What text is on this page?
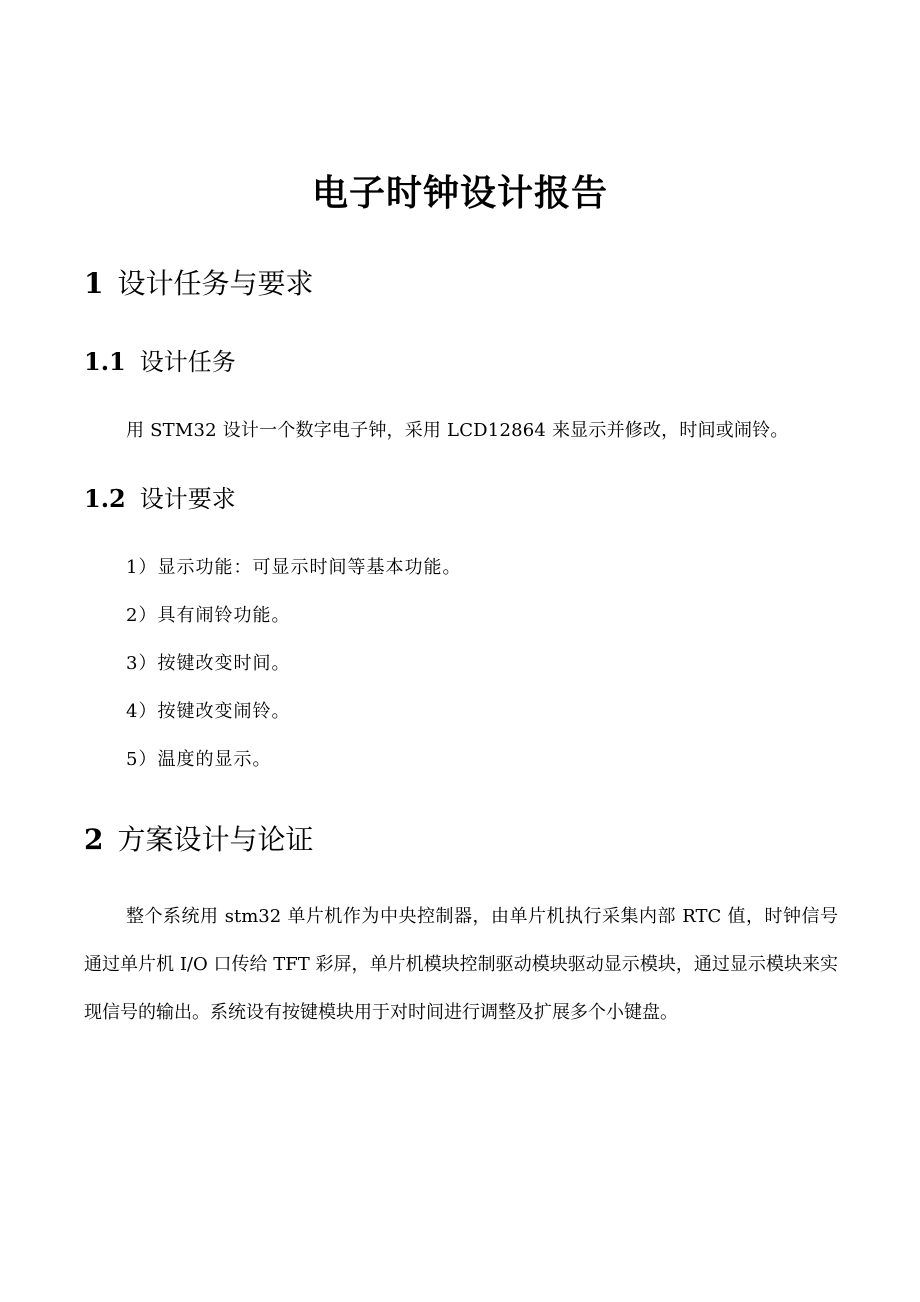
电子时钟设计报告
1 设计任务与要求
1.1 设计任务
用 STM32 设计一个数字电子钟，采用 LCD12864 来显示并修改，时间或闹铃。
1.2 设计要求
1）显示功能：可显示时间等基本功能。
2）具有闹铃功能。
3）按键改变时间。
4）按键改变闹铃。
5）温度的显示。
2 方案设计与论证
整个系统用 stm32 单片机作为中央控制器，由单片机执行采集内部 RTC 值，时钟信号通过单片机 I/O 口传给 TFT 彩屏，单片机模块控制驱动模块驱动显示模块，通过显示模块来实现信号的输出。系统设有按键模块用于对时间进行调整及扩展多个小键盘。
